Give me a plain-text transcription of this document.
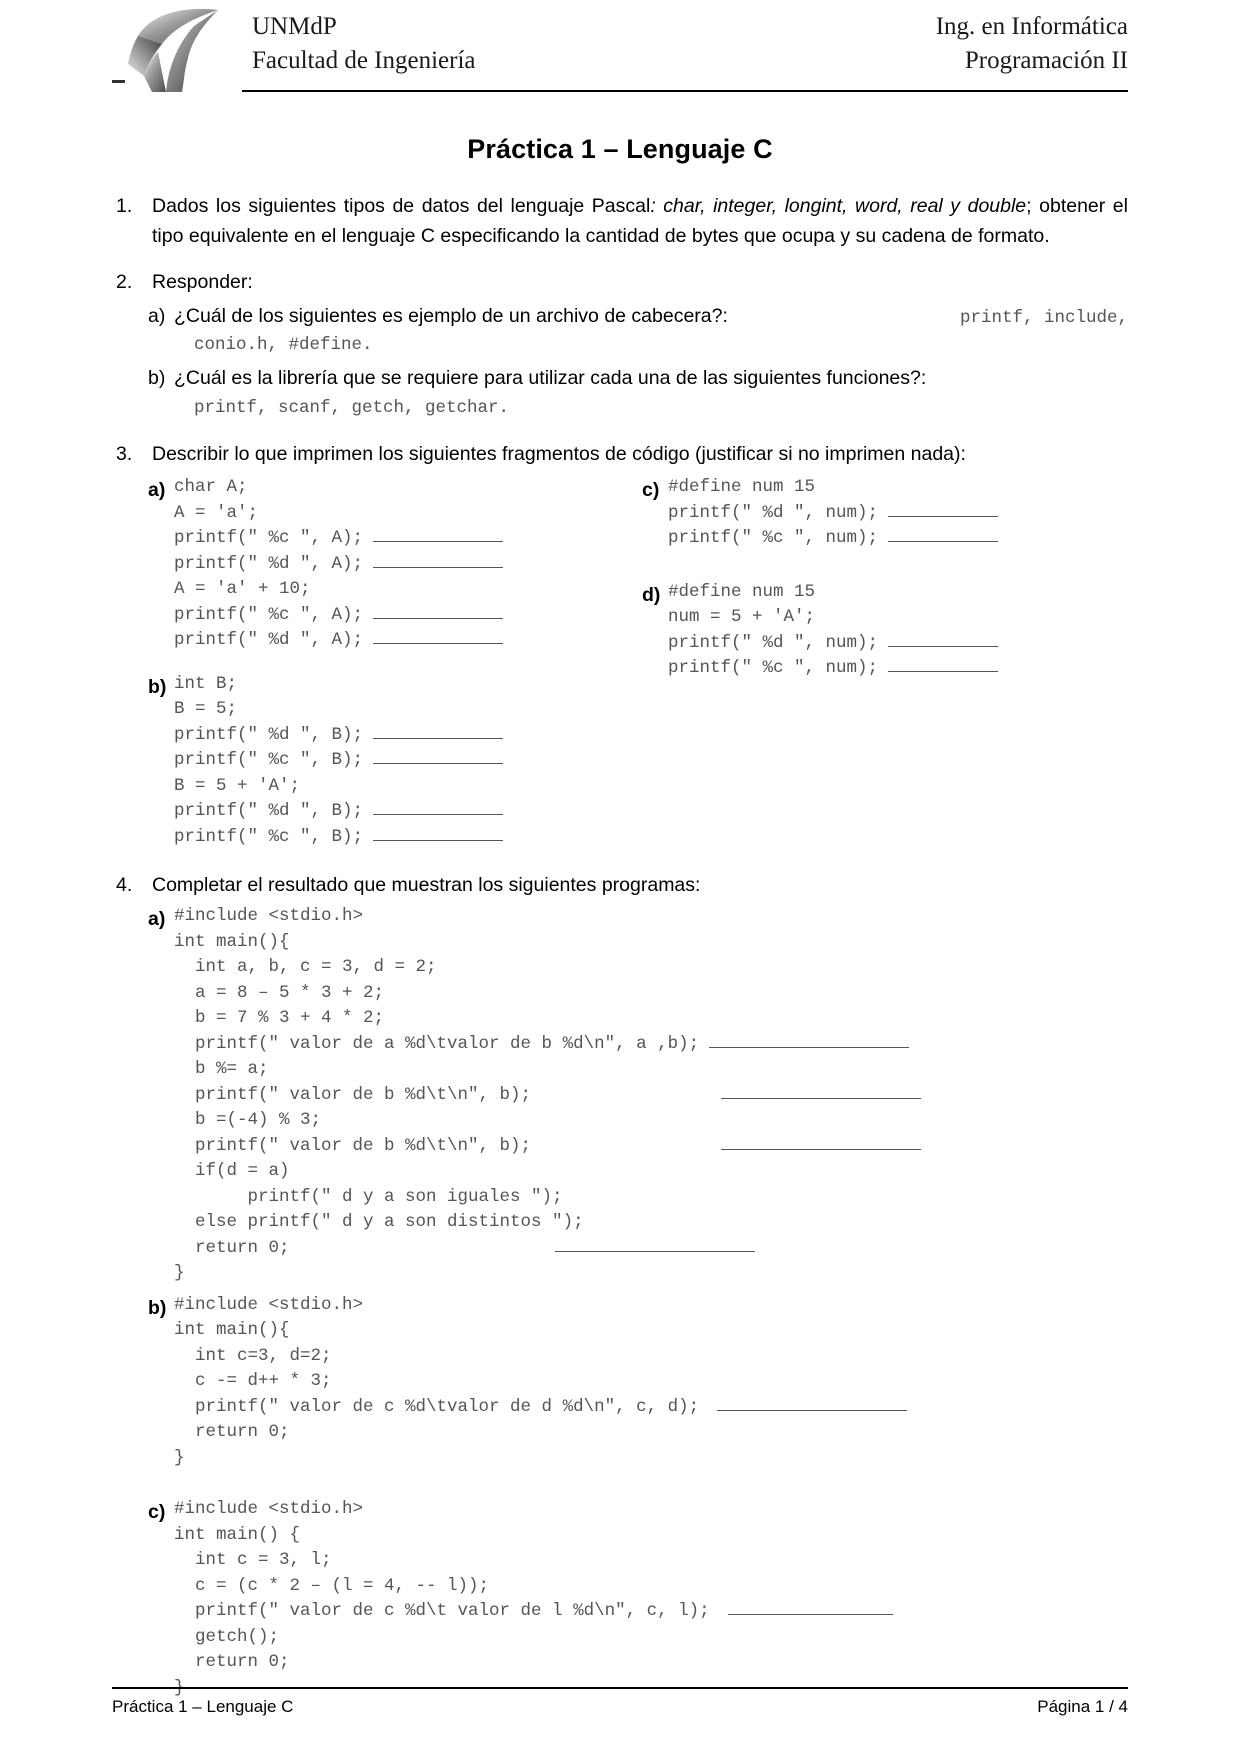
UNMdP	Ing. en Informática
Facultad de Ingeniería	Programación II
Práctica 1 – Lenguaje C
1.	Dados los siguientes tipos de datos del lenguaje Pascal: char, integer, longint, word, real y double; obtener el tipo equivalente en el lenguaje C especificando la cantidad de bytes que ocupa y su cadena de formato.
2.	Responder:
a) ¿Cuál de los siguientes es ejemplo de un archivo de cabecera?:	printf, include,
conio.h, #define.
b) ¿Cuál es la librería que se requiere para utilizar cada una de las siguientes funciones?:
printf, scanf, getch, getchar.
3.	Describir lo que imprimen los siguientes fragmentos de código (justificar si no imprimen nada):
a) char A;
A = 'a';
printf(" %c ", A);
printf(" %d ", A);
A = 'a' + 10;
printf(" %c ", A);
printf(" %d ", A);
b) int B;
B = 5;
printf(" %d ", B);
printf(" %c ", B);
B = 5 + 'A';
printf(" %d ", B);
printf(" %c ", B);
c) #define num 15
printf(" %d ", num);
printf(" %c ", num);
d) #define num 15
num = 5 + 'A';
printf(" %d ", num);
printf(" %c ", num);
4.	Completar el resultado que muestran los siguientes programas:
a) #include <stdio.h>
int main(){
int a, b, c = 3, d = 2;
a = 8 – 5 * 3 + 2;
b = 7 % 3 + 4 * 2;
printf(" valor de a %d\tvalor de b %d\n", a ,b);
b %= a;
printf(" valor de b %d\t\n", b);
b =(-4) % 3;
printf(" valor de b %d\t\n", b);
if(d = a)
printf(" d y a son iguales ");
else printf(" d y a son distintos ");
return 0;
}
b) #include <stdio.h>
int main(){
int c=3, d=2;
c -= d++ * 3;
printf(" valor de c %d\tvalor de d %d\n", c, d);
return 0;
}
c) #include <stdio.h>
int main() {
int c = 3, l;
c = (c * 2 – (l = 4, -- l));
printf(" valor de c %d\t valor de l %d\n", c, l);
getch();
return 0;
}
Práctica 1 – Lenguaje C	Página 1 / 4
